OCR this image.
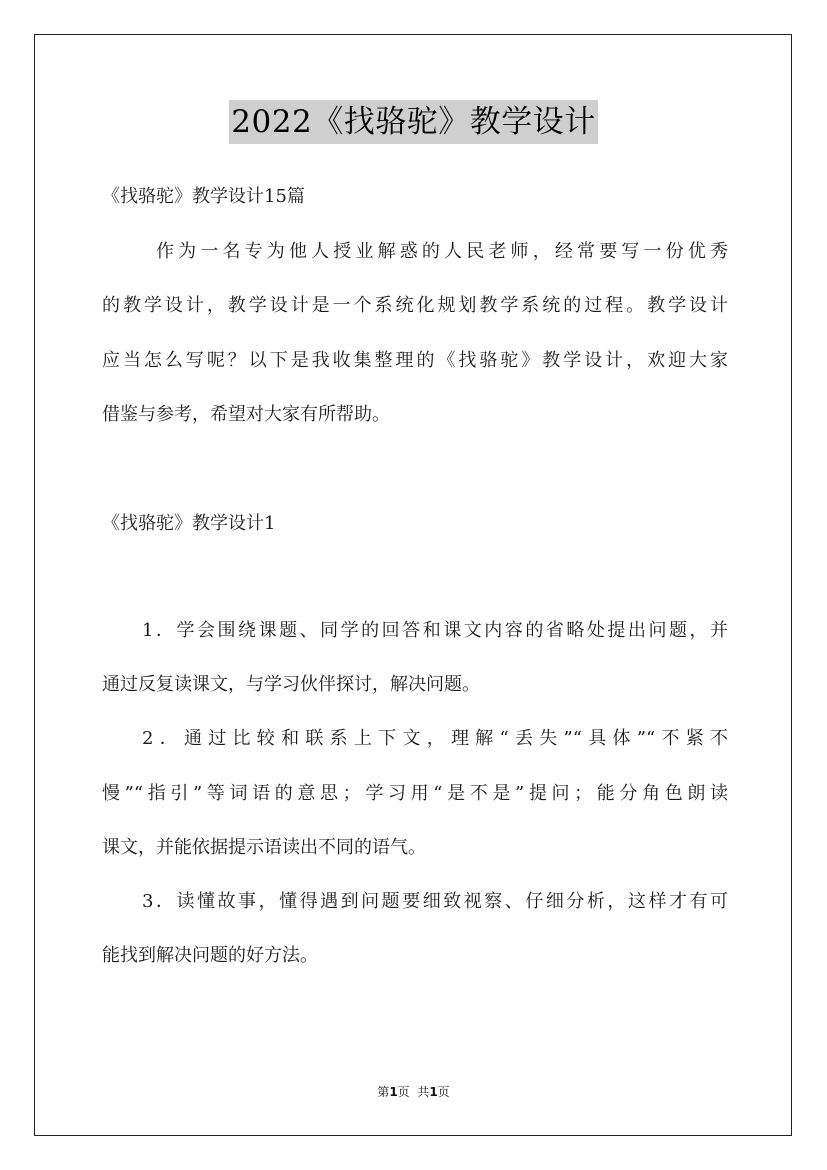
2022《找骆驼》教学设计
《找骆驼》教学设计15篇
作为一名专为他人授业解惑的人民老师，经常要写一份优秀
的教学设计，教学设计是一个系统化规划教学系统的过程。教学设计
应当怎么写呢？以下是我收集整理的《找骆驼》教学设计，欢迎大家
借鉴与参考，希望对大家有所帮助。
《找骆驼》教学设计1
1．学会围绕课题、同学的回答和课文内容的省略处提出问题，并
通过反复读课文，与学习伙伴探讨，解决问题。
2．通过比较和联系上下文，理解“丢失”“具体”“不紧不
慢”“指引”等词语的意思；学习用“是不是”提问；能分角色朗读
课文，并能依据提示语读出不同的语气。
3．读懂故事，懂得遇到问题要细致视察、仔细分析，这样才有可
能找到解决问题的好方法。
第1页  共1页
